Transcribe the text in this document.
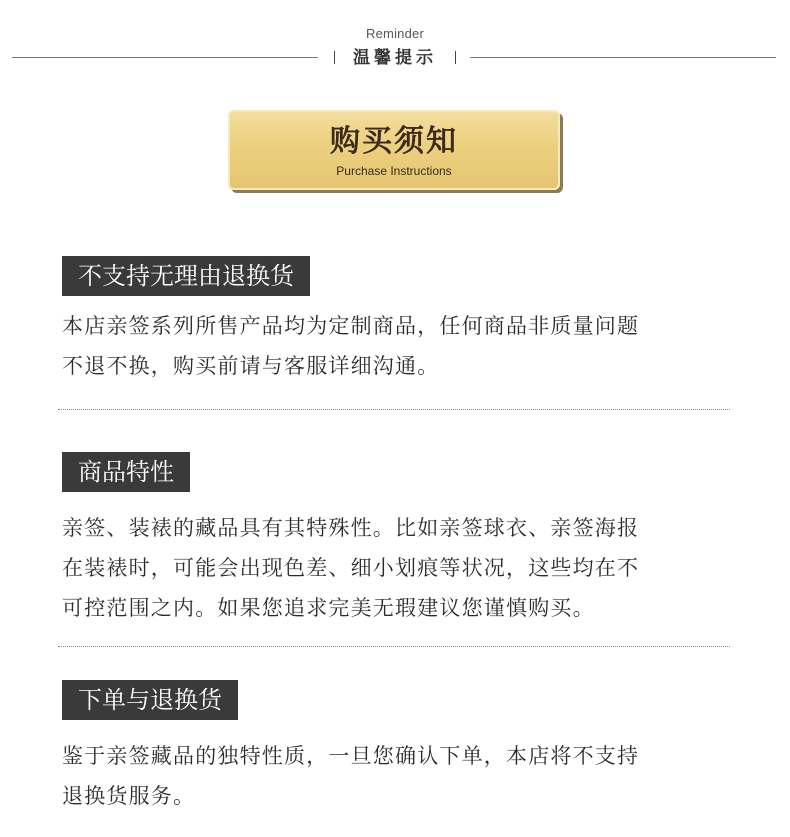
Reminder
温馨提示
购买须知
Purchase Instructions
不支持无理由退换货
本店亲签系列所售产品均为定制商品，任何商品非质量问题
不退不换，购买前请与客服详细沟通。
商品特性
亲签、装裱的藏品具有其特殊性。比如亲签球衣、亲签海报
在装裱时，可能会出现色差、细小划痕等状况，这些均在不
可控范围之内。如果您追求完美无瑕建议您谨慎购买。
下单与退换货
鉴于亲签藏品的独特性质，一旦您确认下单，本店将不支持
退换货服务。
